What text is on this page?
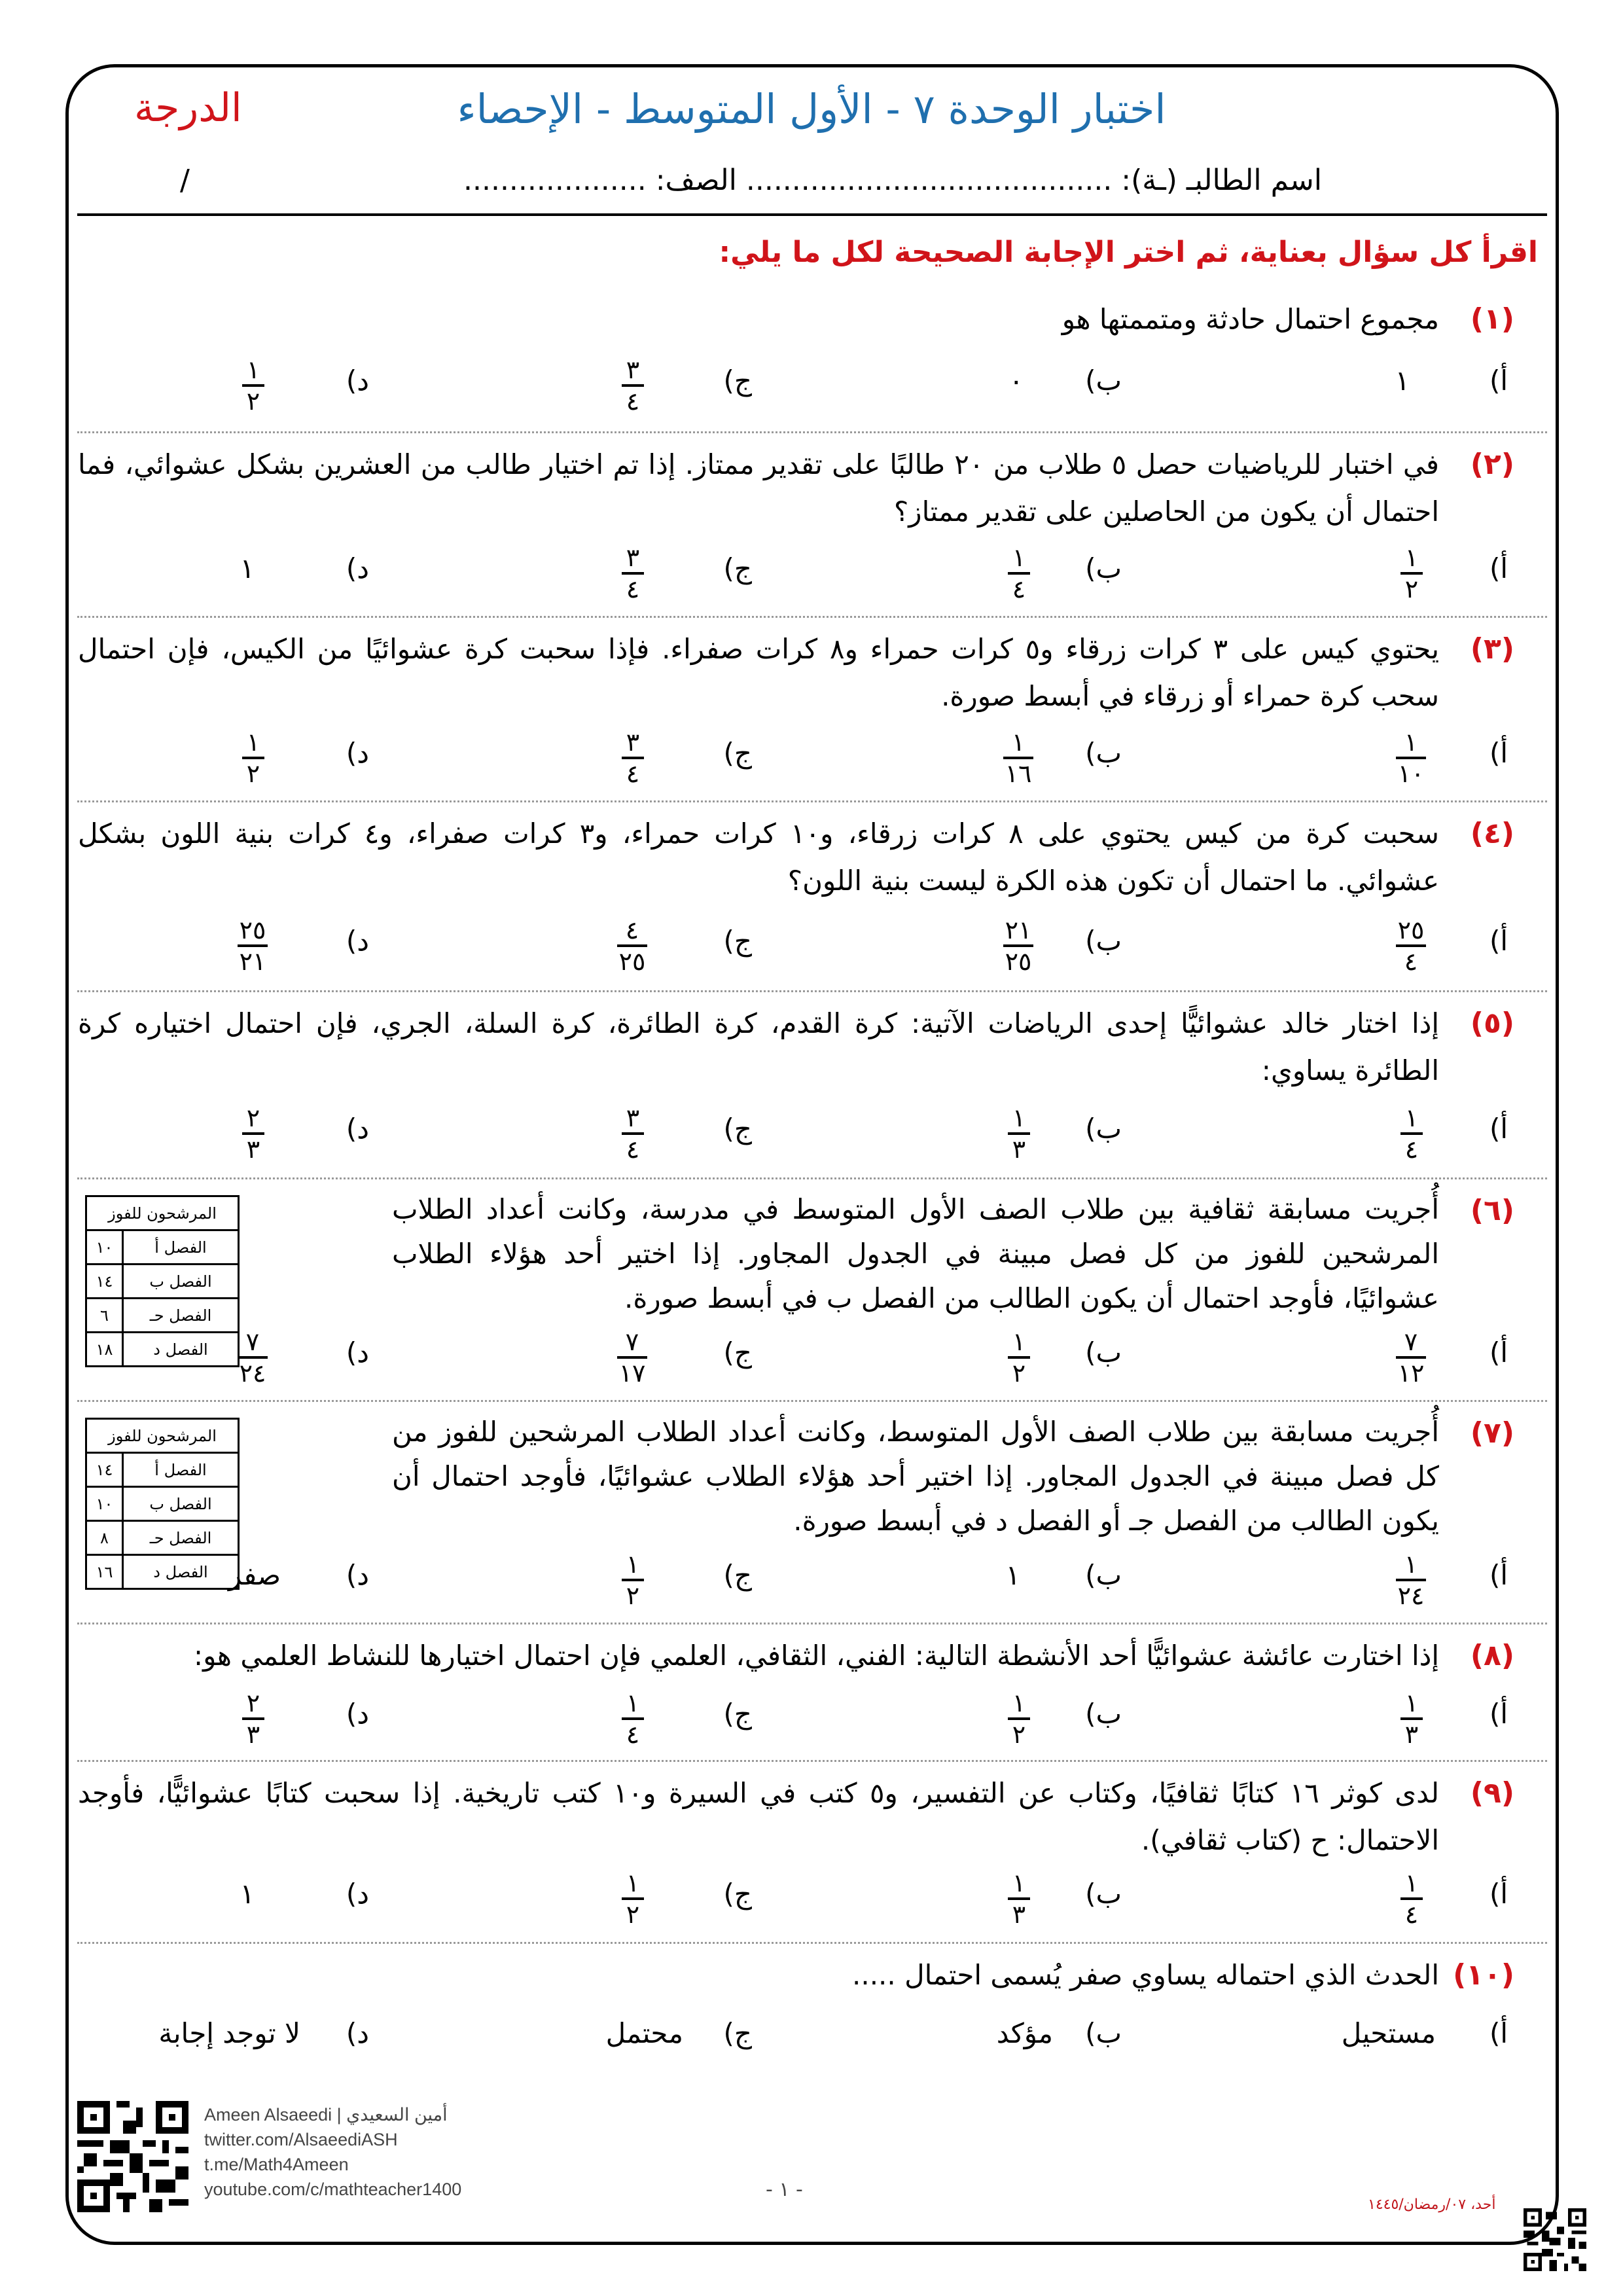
اختبار الوحدة ٧ - الأول المتوسط - الإحصاء
الدرجة
اسم الطالبـ (ـة): ........................................ الصف: ....................
/
اقرأ كل سؤال بعناية، ثم اختر الإجابة الصحيحة لكل ما يلي:
(١)
مجموع احتمال حادثة ومتممتها هو
أ)
١
ب)
٠
ج)
٣
٤
د)
١
٢
(٢)
في اختبار للرياضيات حصل ٥ طلاب من ٢٠ طالبًا على تقدير ممتاز. إذا تم اختيار طالب من العشرين بشكل عشوائي، فما احتمال أن يكون من الحاصلين على تقدير ممتاز؟
أ)
١
٢
ب)
١
٤
ج)
٣
٤
د)
١
(٣)
يحتوي كيس على ٣ كرات زرقاء و٥ كرات حمراء و٨ كرات صفراء. فإذا سحبت كرة عشوائيًا من الكيس، فإن احتمال سحب كرة حمراء أو زرقاء في أبسط صورة.
أ)
١
١٠
ب)
١
١٦
ج)
٣
٤
د)
١
٢
(٤)
سحبت كرة من كيس يحتوي على ٨ كرات زرقاء، و١٠ كرات حمراء، و٣ كرات صفراء، و٤ كرات بنية اللون بشكل عشوائي. ما احتمال أن تكون هذه الكرة ليست بنية اللون؟
أ)
٢٥
٤
ب)
٢١
٢٥
ج)
٤
٢٥
د)
٢٥
٢١
(٥)
إذا اختار خالد عشوائيًّا إحدى الرياضات الآتية: كرة القدم، كرة الطائرة، كرة السلة، الجري، فإن احتمال اختياره كرة الطائرة يساوي:
أ)
١
٤
ب)
١
٣
ج)
٣
٤
د)
٢
٣
(٦)
أُجريت مسابقة ثقافية بين طلاب الصف الأول المتوسط في مدرسة، وكانت أعداد الطلاب المرشحين للفوز من كل فصل مبينة في الجدول المجاور. إذا اختير أحد هؤلاء الطلاب عشوائيًا، فأوجد احتمال أن يكون الطالب من الفصل ب في أبسط صورة.
أ)
٧
١٢
ب)
١
٢
ج)
٧
١٧
د)
٧
٢٤
المرشحون للفوز	
الفصل أ	١٠
الفصل ب	١٤
الفصل حـ	٦
الفصل د	١٨
(٧)
أُجريت مسابقة بين طلاب الصف الأول المتوسط، وكانت أعداد الطلاب المرشحين للفوز من كل فصل مبينة في الجدول المجاور. إذا اختير أحد هؤلاء الطلاب عشوائيًا، فأوجد احتمال أن يكون الطالب من الفصل جـ أو الفصل د في أبسط صورة.
أ)
١
٢٤
ب)
١
ج)
١
٢
د)
صفر
المرشحون للفوز	
الفصل أ	١٤
الفصل ب	١٠
الفصل حـ	٨
الفصل د	١٦
(٨)
إذا اختارت عائشة عشوائيًّا أحد الأنشطة التالية: الفني، الثقافي، العلمي فإن احتمال اختيارها للنشاط العلمي هو:
أ)
١
٣
ب)
١
٢
ج)
١
٤
د)
٢
٣
(٩)
لدى كوثر ١٦ كتابًا ثقافيًا، وكتاب عن التفسير، و٥ كتب في السيرة و١٠ كتب تاريخية. إذا سحبت كتابًا عشوائيًّا، فأوجد الاحتمال: ح (كتاب ثقافي).
أ)
١
٤
ب)
١
٣
ج)
١
٢
د)
١
(١٠)
الحدث الذي احتماله يساوي صفر يُسمى احتمال .....
أ)
مستحيل
ب)
مؤكد
ج)
محتمل
د)
لا توجد إجابة
Ameen Alsaeedi | أمين السعيدي
twitter.com/AlsaeediASH
t.me/Math4Ameen
youtube.com/c/mathteacher1400	- ١ -
أحد، ٠٧/رمضان/١٤٤٥
